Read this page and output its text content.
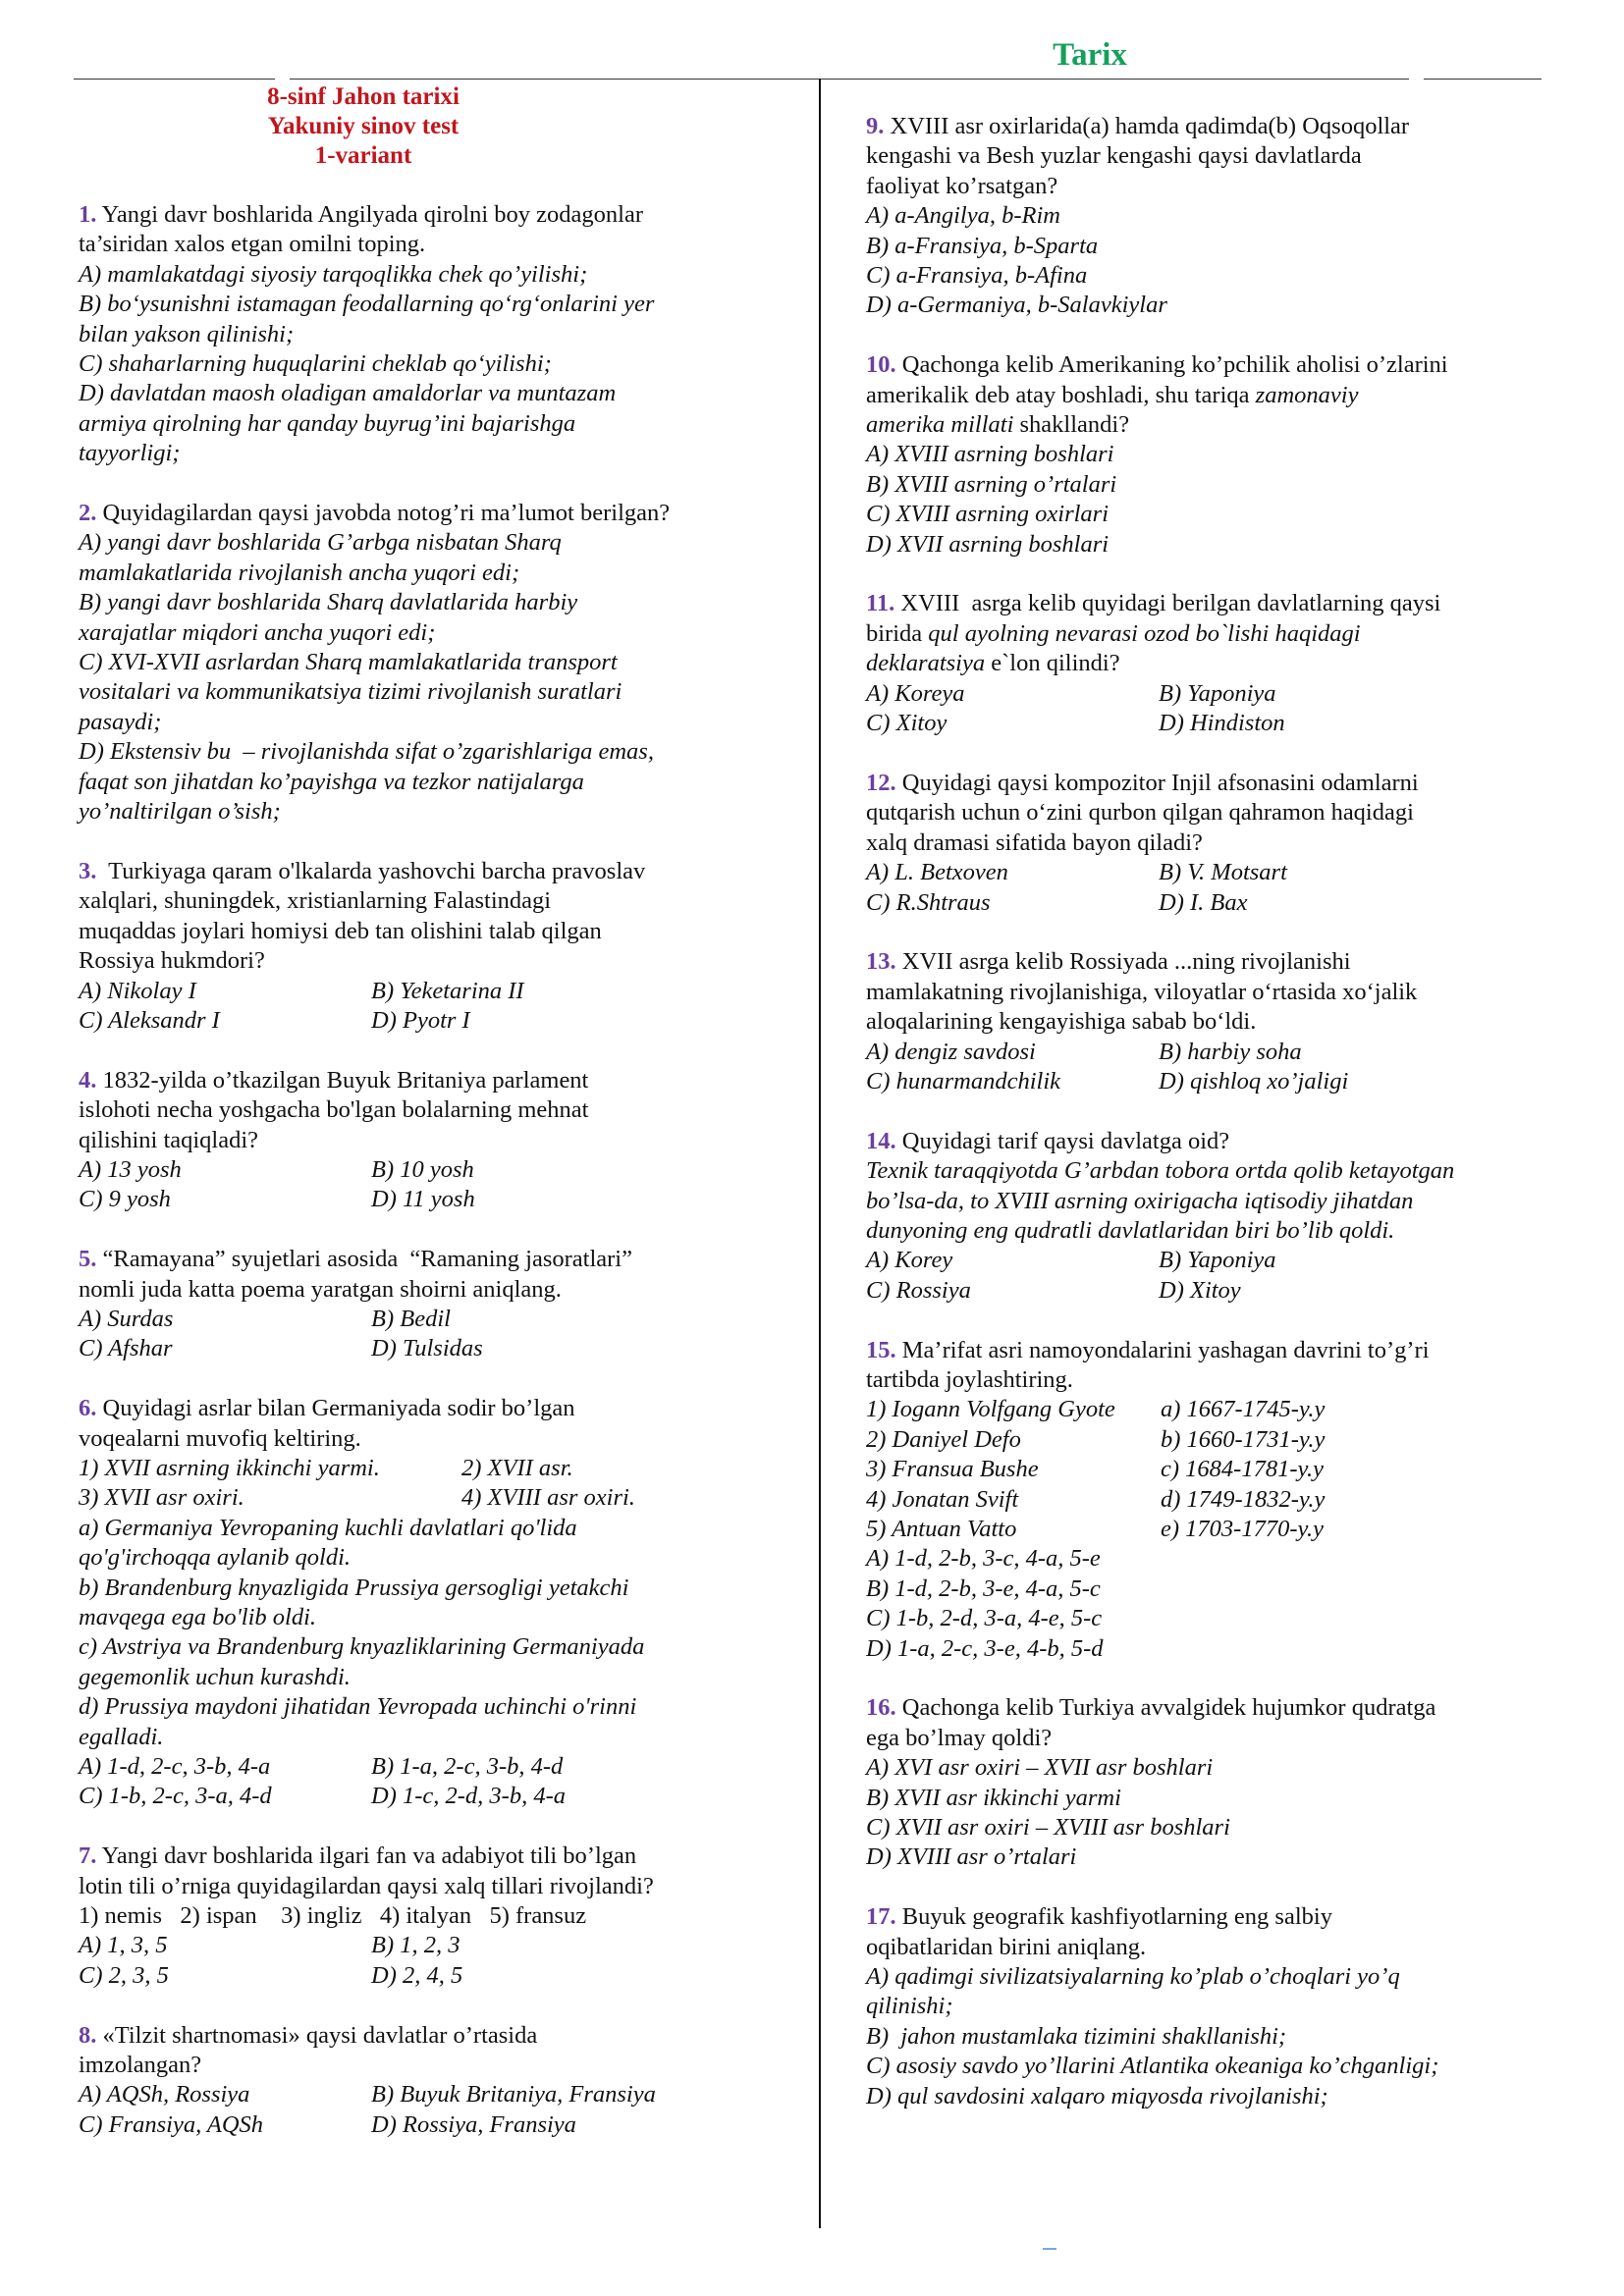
Tarix
8-sinf Jahon tarixi
Yakuniy sinov test
1-variant
1. Yangi davr boshlarida Angilyada qirolni boy zodagonlar
ta’siridan xalos etgan omilni toping.
A) mamlakatdagi siyosiy tarqoqlikka chek qo’yilishi;
B) bo‘ysunishni istamagan feodallarning qo‘rg‘onlarini yer
bilan yakson qilinishi;
C) shaharlarning huquqlarini cheklab qo‘yilishi;
D) davlatdan maosh oladigan amaldorlar va muntazam
armiya qirolning har qanday buyrug’ini bajarishga
tayyorligi;
2. Quyidagilardan qaysi javobda notog’ri ma’lumot berilgan?
A) yangi davr boshlarida G’arbga nisbatan Sharq
mamlakatlarida rivojlanish ancha yuqori edi;
B) yangi davr boshlarida Sharq davlatlarida harbiy
xarajatlar miqdori ancha yuqori edi;
C) XVI-XVII asrlardan Sharq mamlakatlarida transport
vositalari va kommunikatsiya tizimi rivojlanish suratlari
pasaydi;
D) Ekstensiv bu  – rivojlanishda sifat o’zgarishlariga emas,
faqat son jihatdan ko’payishga va tezkor natijalarga
yo’naltirilgan o’sish;
3.  Turkiyaga qaram o'lkalarda yashovchi barcha pravoslav
xalqlari, shuningdek, xristianlarning Falastindagi
muqaddas joylari homiysi deb tan olishini talab qilgan
Rossiya hukmdori?
A) Nikolay I	B) Yeketarina II
C) Aleksandr I	D) Pyotr I
4. 1832-yilda o’tkazilgan Buyuk Britaniya parlament
islohoti necha yoshgacha bo'lgan bolalarning mehnat
qilishini taqiqladi?
A) 13 yosh	B) 10 yosh
C) 9 yosh	D) 11 yosh
5. “Ramayana” syujetlari asosida  “Ramaning jasoratlari”
nomli juda katta poema yaratgan shoirni aniqlang.
A) Surdas	B) Bedil
C) Afshar	D) Tulsidas
6. Quyidagi asrlar bilan Germaniyada sodir bo’lgan
voqealarni muvofiq keltiring.
1) XVII asrning ikkinchi yarmi.	2) XVII asr.
3) XVII asr oxiri.	4) XVIII asr oxiri.
a) Germaniya Yevropaning kuchli davlatlari qo'lida
qo'g'irchoqqa aylanib qoldi.
b) Brandenburg knyazligida Prussiya gersogligi yetakchi
mavqega ega bo'lib oldi.
c) Avstriya va Brandenburg knyazliklarining Germaniyada
gegemonlik uchun kurashdi.
d) Prussiya maydoni jihatidan Yevropada uchinchi o'rinni
egalladi.
A) 1-d, 2-c, 3-b, 4-a	B) 1-a, 2-c, 3-b, 4-d
C) 1-b, 2-c, 3-a, 4-d	D) 1-c, 2-d, 3-b, 4-a
7. Yangi davr boshlarida ilgari fan va adabiyot tili bo’lgan
lotin tili o’rniga quyidagilardan qaysi xalq tillari rivojlandi?
1) nemis   2) ispan    3) ingliz   4) italyan   5) fransuz
A) 1, 3, 5	B) 1, 2, 3
C) 2, 3, 5	D) 2, 4, 5
8. «Tilzit shartnomasi» qaysi davlatlar o’rtasida
imzolangan?
A) AQSh, Rossiya	B) Buyuk Britaniya, Fransiya
C) Fransiya, AQSh	D) Rossiya, Fransiya
9. XVIII asr oxirlarida(a) hamda qadimda(b) Oqsoqollar
kengashi va Besh yuzlar kengashi qaysi davlatlarda
faoliyat ko’rsatgan?
A) a-Angilya, b-Rim
B) a-Fransiya, b-Sparta
C) a-Fransiya, b-Afina
D) a-Germaniya, b-Salavkiylar
10. Qachonga kelib Amerikaning ko’pchilik aholisi o’zlarini
amerikalik deb atay boshladi, shu tariqa zamonaviy
amerika millati shakllandi?
A) XVIII asrning boshlari
B) XVIII asrning o’rtalari
C) XVIII asrning oxirlari
D) XVII asrning boshlari
11. XVIII  asrga kelib quyidagi berilgan davlatlarning qaysi
birida qul ayolning nevarasi ozod bo`lishi haqidagi
deklaratsiya e`lon qilindi?
A) Koreya	B) Yaponiya
C) Xitoy	D) Hindiston
12. Quyidagi qaysi kompozitor Injil afsonasini odamlarni
qutqarish uchun o‘zini qurbon qilgan qahramon haqidagi
xalq dramasi sifatida bayon qiladi?
A) L. Betxoven	B) V. Motsart
C) R.Shtraus	D) I. Bax
13. XVII asrga kelib Rossiyada ...ning rivojlanishi
mamlakatning rivojlanishiga, viloyatlar o‘rtasida xo‘jalik
aloqalarining kengayishiga sabab bo‘ldi.
A) dengiz savdosi	B) harbiy soha
C) hunarmandchilik	D) qishloq xo’jaligi
14. Quyidagi tarif qaysi davlatga oid?
Texnik taraqqiyotda G’arbdan tobora ortda qolib ketayotgan
bo’lsa-da, to XVIII asrning oxirigacha iqtisodiy jihatdan
dunyoning eng qudratli davlatlaridan biri bo’lib qoldi.
A) Korey	B) Yaponiya
C) Rossiya	D) Xitoy
15. Ma’rifat asri namoyondalarini yashagan davrini to’g’ri
tartibda joylashtiring.
1) Iogann Volfgang Gyote	a) 1667-1745-y.y
2) Daniyel Defo	b) 1660-1731-y.y
3) Fransua Bushe	c) 1684-1781-y.y
4) Jonatan Svift	d) 1749-1832-y.y
5) Antuan Vatto	e) 1703-1770-y.y
A) 1-d, 2-b, 3-c, 4-a, 5-e
B) 1-d, 2-b, 3-e, 4-a, 5-c
C) 1-b, 2-d, 3-a, 4-e, 5-c
D) 1-a, 2-c, 3-e, 4-b, 5-d
16. Qachonga kelib Turkiya avvalgidek hujumkor qudratga
ega bo’lmay qoldi?
A) XVI asr oxiri – XVII asr boshlari
B) XVII asr ikkinchi yarmi
C) XVII asr oxiri – XVIII asr boshlari
D) XVIII asr o’rtalari
17. Buyuk geografik kashfiyotlarning eng salbiy
oqibatlaridan birini aniqlang.
A) qadimgi sivilizatsiyalarning ko’plab o’choqlari yo’q
qilinishi;
B)  jahon mustamlaka tizimini shakllanishi;
C) asosiy savdo yo’llarini Atlantika okeaniga ko’chganligi;
D) qul savdosini xalqaro miqyosda rivojlanishi;
